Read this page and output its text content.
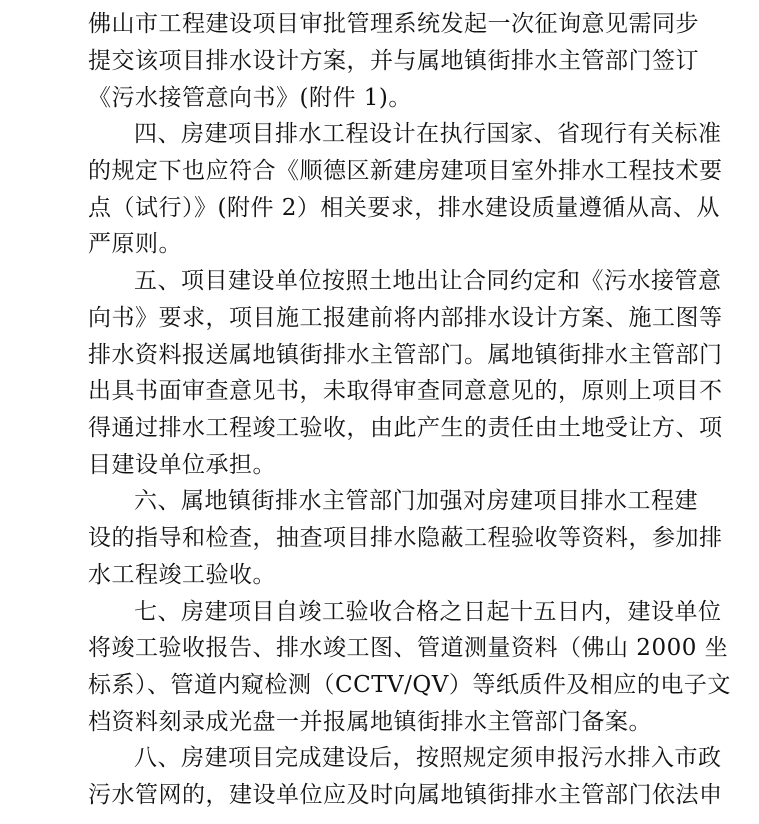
佛山市工程建设项目审批管理系统发起一次征询意见需同步
提交该项目排水设计方案，并与属地镇街排水主管部门签订
《污水接管意向书》(附件 1)。
四、房建项目排水工程设计在执行国家、省现行有关标准
的规定下也应符合《顺德区新建房建项目室外排水工程技术要
点（试行）》(附件 2）相关要求，排水建设质量遵循从高、从
严原则。
五、项目建设单位按照土地出让合同约定和《污水接管意
向书》要求，项目施工报建前将内部排水设计方案、施工图等
排水资料报送属地镇街排水主管部门。属地镇街排水主管部门
出具书面审查意见书，未取得审查同意意见的，原则上项目不
得通过排水工程竣工验收，由此产生的责任由土地受让方、项
目建设单位承担。
六、属地镇街排水主管部门加强对房建项目排水工程建
设的指导和检查，抽查项目排水隐蔽工程验收等资料，参加排
水工程竣工验收。
七、房建项目自竣工验收合格之日起十五日内，建设单位
将竣工验收报告、排水竣工图、管道测量资料（佛山 2000 坐
标系）、管道内窥检测（CCTV/QV）等纸质件及相应的电子文
档资料刻录成光盘一并报属地镇街排水主管部门备案。
八、房建项目完成建设后，按照规定须申报污水排入市政
污水管网的，建设单位应及时向属地镇街排水主管部门依法申
